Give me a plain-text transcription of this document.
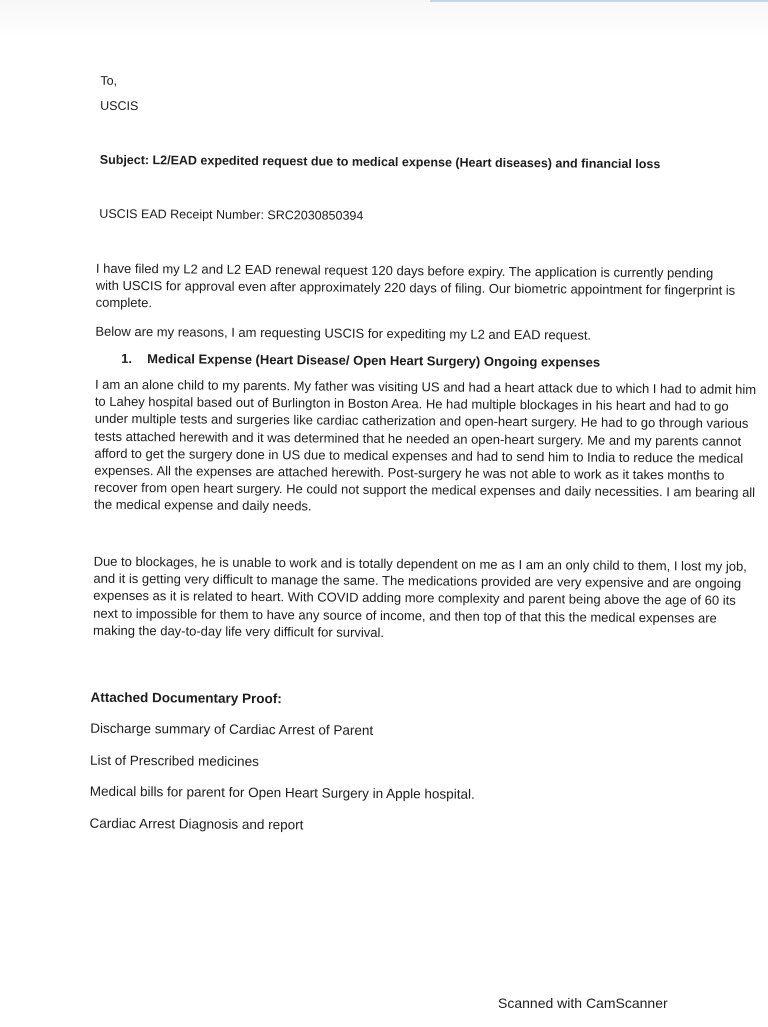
To,

USCIS

Subject: L2/EAD expedited request due to medical expense (Heart diseases) and financial loss

USCIS EAD Receipt Number: SRC2030850394

I have filed my L2 and L2 EAD renewal request 120 days before expiry. The application is currently pending with USCIS for approval even after approximately 220 days of filing. Our biometric appointment for fingerprint is complete.

Below are my reasons, I am requesting USCIS for expediting my L2 and EAD request.

1. Medical Expense (Heart Disease/ Open Heart Surgery) Ongoing expenses

I am an alone child to my parents. My father was visiting US and had a heart attack due to which I had to admit him to Lahey hospital based out of Burlington in Boston Area. He had multiple blockages in his heart and had to go under multiple tests and surgeries like cardiac catherization and open-heart surgery. He had to go through various tests attached herewith and it was determined that he needed an open-heart surgery. Me and my parents cannot afford to get the surgery done in US due to medical expenses and had to send him to India to reduce the medical expenses. All the expenses are attached herewith. Post-surgery he was not able to work as it takes months to recover from open heart surgery. He could not support the medical expenses and daily necessities. I am bearing all the medical expense and daily needs.

Due to blockages, he is unable to work and is totally dependent on me as I am an only child to them, I lost my job, and it is getting very difficult to manage the same. The medications provided are very expensive and are ongoing expenses as it is related to heart. With COVID adding more complexity and parent being above the age of 60 its next to impossible for them to have any source of income, and then top of that this the medical expenses are making the day-to-day life very difficult for survival.

Attached Documentary Proof:

Discharge summary of Cardiac Arrest of Parent

List of Prescribed medicines

Medical bills for parent for Open Heart Surgery in Apple hospital.

Cardiac Arrest Diagnosis and report

Scanned with CamScanner
